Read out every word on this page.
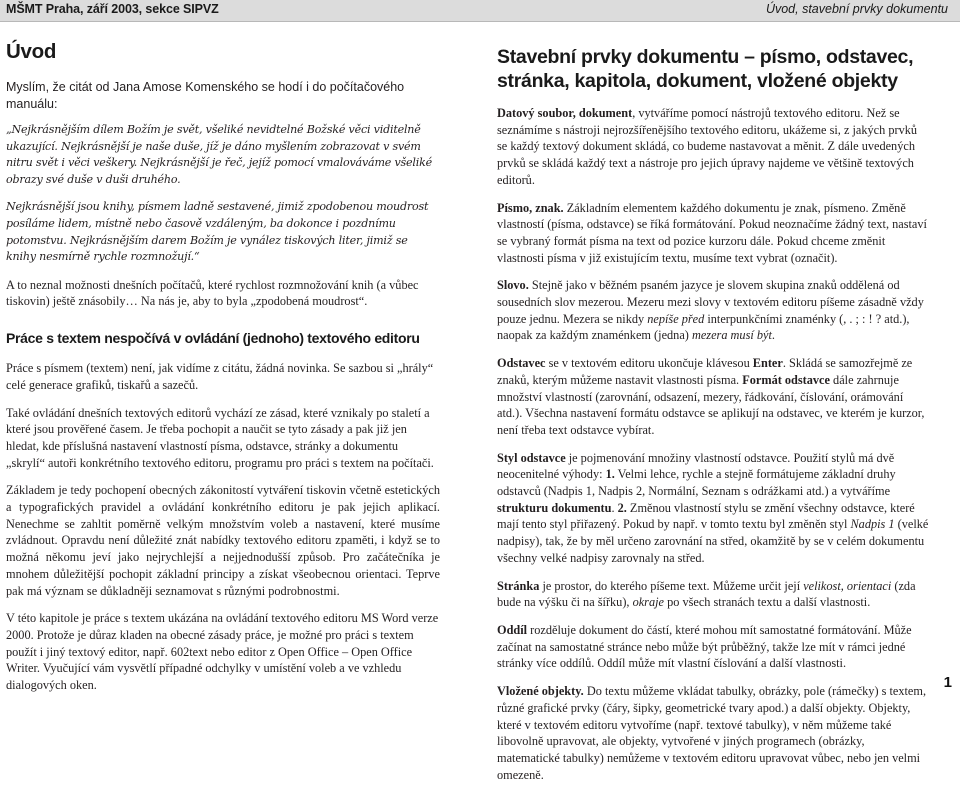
MŠMT Praha, září 2003, sekce SIPVZ	Úvod, stavební prvky dokumentu
Úvod

Myslím, že citát od Jana Amose Komenského se hodí i do počítačového manuálu:

„Nejkrásnějším dílem Božím je svět, všeliké nevidtelné Božské věci viditelně ukazující. Nejkrásnější je naše duše, jíž je dáno myšlením zobrazovat v svém nitru svět i věci veškery. Nejkrásnější je řeč, jejíž pomocí vmalováváme všeliké obrazy své duše v duši druhého.

Nejkrásnější jsou knihy, písmem ladně sestavené, jimiž zpodobenou moudrost posíláme lidem, místně nebo časově vzdáleným, ba dokonce i pozdnímu potomstvu. Nejkrásnějším darem Božím je vynález tiskových liter, jimiž se knihy nesmírně rychle rozmnožují.“

A to neznal možnosti dnešních počítačů, které rychlost rozmnožování knih (a vůbec tiskovin) ještě znásobily… Na nás je, aby to byla „zpodobená moudrost“.

Práce s textem nespočívá v ovládání (jednoho) textového editoru

Práce s písmem (textem) není, jak vidíme z citátu, žádná novinka. Se sazbou si „hrály“ celé generace grafiků, tiskařů a sazečů.

Také ovládání dnešních textových editorů vychází ze zásad, které vznikaly po staletí a které jsou prověřené časem. Je třeba pochopit a naučit se tyto zásady a pak již jen hledat, kde příslušná nastavení vlastností písma, odstavce, stránky a dokumentu „skrylí“ autoři konkrétního textového editoru, programu pro práci s textem na počítači.

Základem je tedy pochopení obecných zákonitostí vytváření tiskovin včetně estetických a typografických pravidel a ovládání konkrétního editoru je pak jejich aplikací. Nenechme se zahltit poměrně velkým množstvím voleb a nastavení, které musíme zvládnout. Opravdu není důležité znát nabídky textového editoru zpaměti, i když se to možná někomu jeví jako nejrychlejší a nejjednodušší způsob. Pro začátečníka je mnohem důležitější pochopit základní principy a získat všeobecnou orientaci. Teprve pak má význam se důkladněji seznamovat s různými podrobnostmi.

V této kapitole je práce s textem ukázána na ovládání textového editoru MS Word verze 2000. Protože je důraz kladen na obecné zásady práce, je možné pro práci s textem použít i jiný textový editor, např. 602text nebo editor z Open Office – Open Office Writer. Vyučující vám vysvětlí případné odchylky v umístění voleb a ve vzhledu dialogových oken.

Stavební prvky dokumentu – písmo, odstavec, stránka, kapitola, dokument, vložené objekty

Datový soubor, dokument, vytváříme pomocí nástrojů textového editoru. Než se seznámíme s nástroji nejrozšířenějšího textového editoru, ukážeme si, z jakých prvků se každý textový dokument skládá, co budeme nastavovat a měnit. Z dále uvedených prvků se skládá každý text a nástroje pro jejich úpravy najdeme ve většině textových editorů.

Písmo, znak. Základním elementem každého dokumentu je znak, písmeno. Změně vlastností (písma, odstavce) se říká formátování. Pokud neoznačíme žádný text, nastaví se vybraný formát písma na text od pozice kurzoru dále. Pokud chceme změnit vlastnosti písma v již existujícím textu, musíme text vybrat (označit).

Slovo. Stejně jako v běžném psaném jazyce je slovem skupina znaků oddělená od sousedních slov mezerou. Mezeru mezi slovy v textovém editoru píšeme zásadně vždy pouze jednu. Mezera se nikdy nepíše před interpunkčními znaménky (, . ; : ! ? atd.), naopak za každým znaménkem (jedna) mezera musí být.

Odstavec se v textovém editoru ukončuje klávesou Enter. Skládá se samozřejmě ze znaků, kterým můžeme nastavit vlastnosti písma. Formát odstavce dále zahrnuje množství vlastností (zarovnání, odsazení, mezery, řádkování, číslování, orámování atd.). Všechna nastavení formátu odstavce se aplikují na odstavec, ve kterém je kurzor, není třeba text odstavce vybírat.

Styl odstavce je pojmenování množiny vlastností odstavce. Použití stylů má dvě neocenitelné výhody: 1. Velmi lehce, rychle a stejně formátujeme základní druhy odstavců (Nadpis 1, Nadpis 2, Normální, Seznam s odrážkami atd.) a vytváříme strukturu dokumentu. 2. Změnou vlastností stylu se změní všechny odstavce, které mají tento styl přiřazený. Pokud by např. v tomto textu byl změněn styl Nadpis 1 (velké nadpisy), tak, že by měl určeno zarovnání na střed, okamžitě by se v celém dokumentu všechny velké nadpisy zarovnaly na střed.

Stránka je prostor, do kterého píšeme text. Můžeme určit její velikost, orientaci (zda bude na výšku či na šířku), okraje po všech stranách textu a další vlastnosti.

Oddíl rozděluje dokument do částí, které mohou mít samostatné formátování. Může začínat na samostatné stránce nebo může být průběžný, takže lze mít v rámci jedné stránky více oddílů. Oddíl může mít vlastní číslování a další vlastnosti.

Vložené objekty. Do textu můžeme vkládat tabulky, obrázky, pole (rámečky) s textem, různé grafické prvky (čáry, šipky, geometrické tvary apod.) a další objekty. Objekty, které v textovém editoru vytvoříme (např. textové tabulky), v něm můžeme také libovolně upravovat, ale objekty, vytvořené v jiných programech (obrázky, matematické tabulky) nemůžeme v textovém editoru upravovat vůbec, nebo jen velmi omezeně.

1
